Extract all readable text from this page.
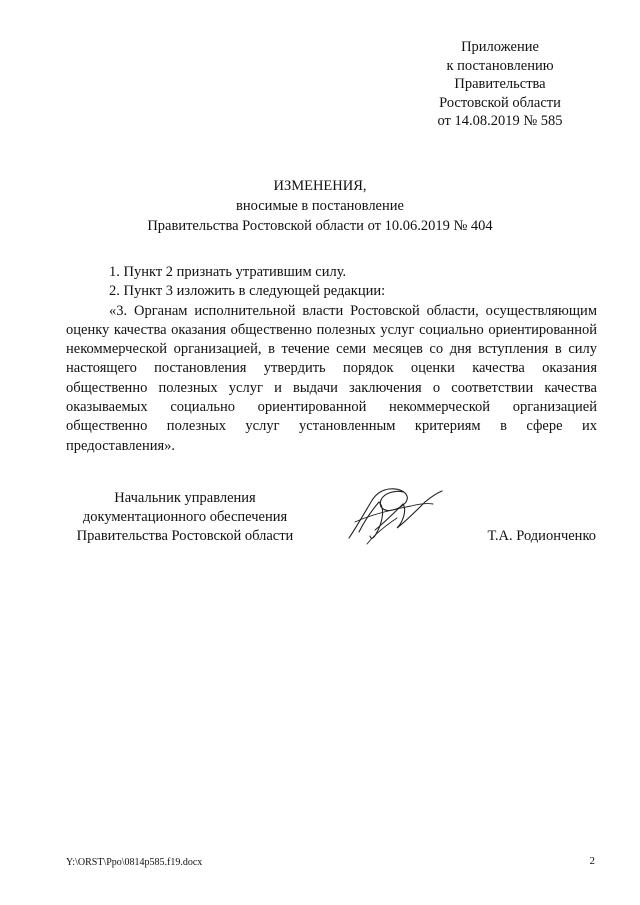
Приложение
к постановлению
Правительства
Ростовской области
от 14.08.2019 № 585
ИЗМЕНЕНИЯ,
вносимые в постановление
Правительства Ростовской области от 10.06.2019 № 404

1. Пункт 2 признать утратившим силу.

2. Пункт 3 изложить в следующей редакции:

«3. Органам исполнительной власти Ростовской области, осуществляющим оценку качества оказания общественно полезных услуг социально ориентированной некоммерческой организацией, в течение семи месяцев со дня вступления в силу настоящего постановления утвердить порядок оценки качества оказания общественно полезных услуг и выдачи заключения о соответствии качества оказываемых социально ориентированной некоммерческой организацией общественно полезных услуг установленным критериям в сфере их предоставления».

Начальник управления
документационного обеспечения
Правительства Ростовской области	Т.А. Родионченко
Y:\ORST\Ppo\0814p585.f19.docx	2
